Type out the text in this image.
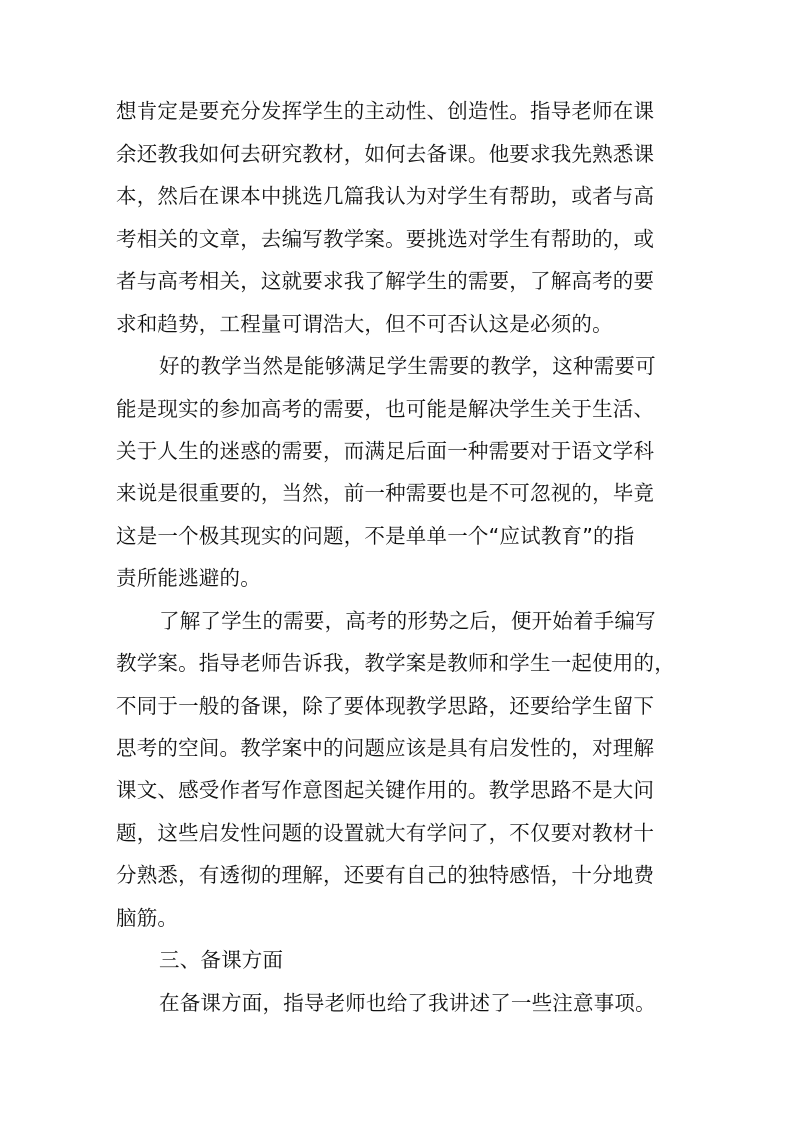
想肯定是要充分发挥学生的主动性、创造性。指导老师在课
余还教我如何去研究教材，如何去备课。他要求我先熟悉课
本，然后在课本中挑选几篇我认为对学生有帮助，或者与高
考相关的文章，去编写教学案。要挑选对学生有帮助的，或
者与高考相关，这就要求我了解学生的需要，了解高考的要
求和趋势，工程量可谓浩大，但不可否认这是必须的。
好的教学当然是能够满足学生需要的教学，这种需要可
能是现实的参加高考的需要，也可能是解决学生关于生活、
关于人生的迷惑的需要，而满足后面一种需要对于语文学科
来说是很重要的，当然，前一种需要也是不可忽视的，毕竟
这是一个极其现实的问题，不是单单一个“应试教育”的指
责所能逃避的。
了解了学生的需要，高考的形势之后，便开始着手编写
教学案。指导老师告诉我，教学案是教师和学生一起使用的，
不同于一般的备课，除了要体现教学思路，还要给学生留下
思考的空间。教学案中的问题应该是具有启发性的，对理解
课文、感受作者写作意图起关键作用的。教学思路不是大问
题，这些启发性问题的设置就大有学问了，不仅要对教材十
分熟悉，有透彻的理解，还要有自己的独特感悟，十分地费
脑筋。
三、备课方面
在备课方面，指导老师也给了我讲述了一些注意事项。
